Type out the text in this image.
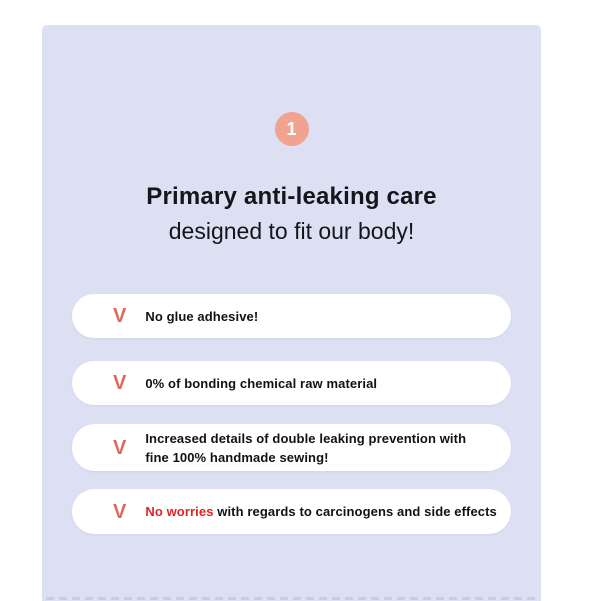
1
Primary anti-leaking care
designed to fit our body!
V No glue adhesive!
V 0% of bonding chemical raw material
V Increased details of double leaking prevention with
fine 100% handmade sewing!
V No worries with regards to carcinogens and side effects
